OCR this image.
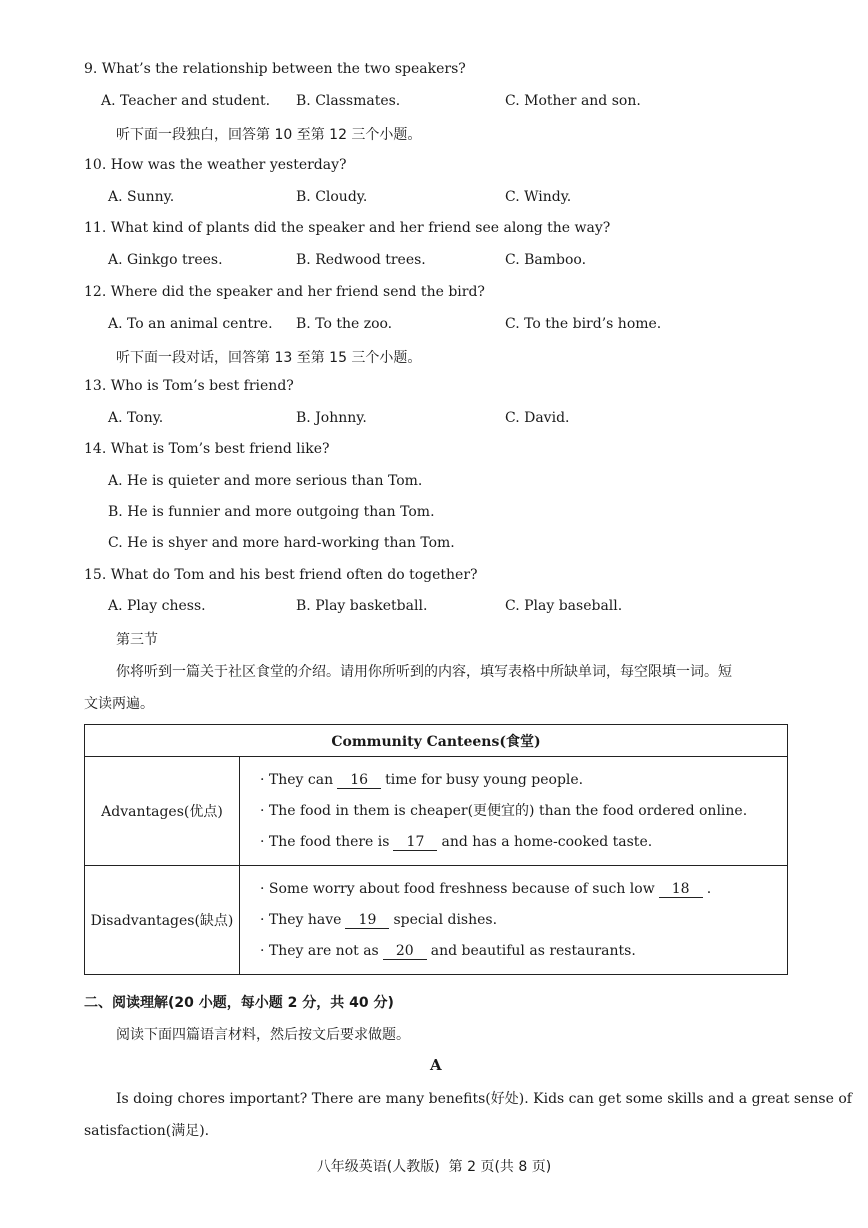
9. What’s the relationship between the two speakers?
A. Teacher and student. B. Classmates.	C. Mother and son.
听下面一段独白，回答第 10 至第 12 三个小题。
10. How was the weather yesterday?
A. Sunny.	B. Cloudy.	C. Windy.
11. What kind of plants did the speaker and her friend see along the way?
A. Ginkgo trees.	B. Redwood trees.	C. Bamboo.
12. Where did the speaker and her friend send the bird?
A. To an animal centre. B. To the zoo.	C. To the bird’s home.
听下面一段对话，回答第 13 至第 15 三个小题。
13. Who is Tom’s best friend?
A. Tony.	B. Johnny.	C. David.
14. What is Tom’s best friend like?
A. He is quieter and more serious than Tom.
B. He is funnier and more outgoing than Tom.
C. He is shyer and more hard-working than Tom.
15. What do Tom and his best friend often do together?
A. Play chess.	B. Play basketball.	C. Play baseball.
第三节
你将听到一篇关于社区食堂的介绍。请用你所听到的内容，填写表格中所缺单词，每空限填一词。短
文读两遍。
Community Canteens(食堂)	
Advantages(优点)	· They can 16 time for busy young people.
· The food in them is cheaper(更便宜的) than the food ordered online.
· The food there is 17 and has a home-cooked taste.

Disadvantages(缺点)	· Some worry about food freshness because of such low 18 .
· They have 19 special dishes.
· They are not as 20 and beautiful as restaurants.
二、阅读理解(20 小题，每小题 2 分，共 40 分)
阅读下面四篇语言材料，然后按文后要求做题。
A
Is doing chores important? There are many benefits(好处). Kids can get some skills and a great sense of
satisfaction(满足).
八年级英语(人教版)  第 2 页(共 8 页)
